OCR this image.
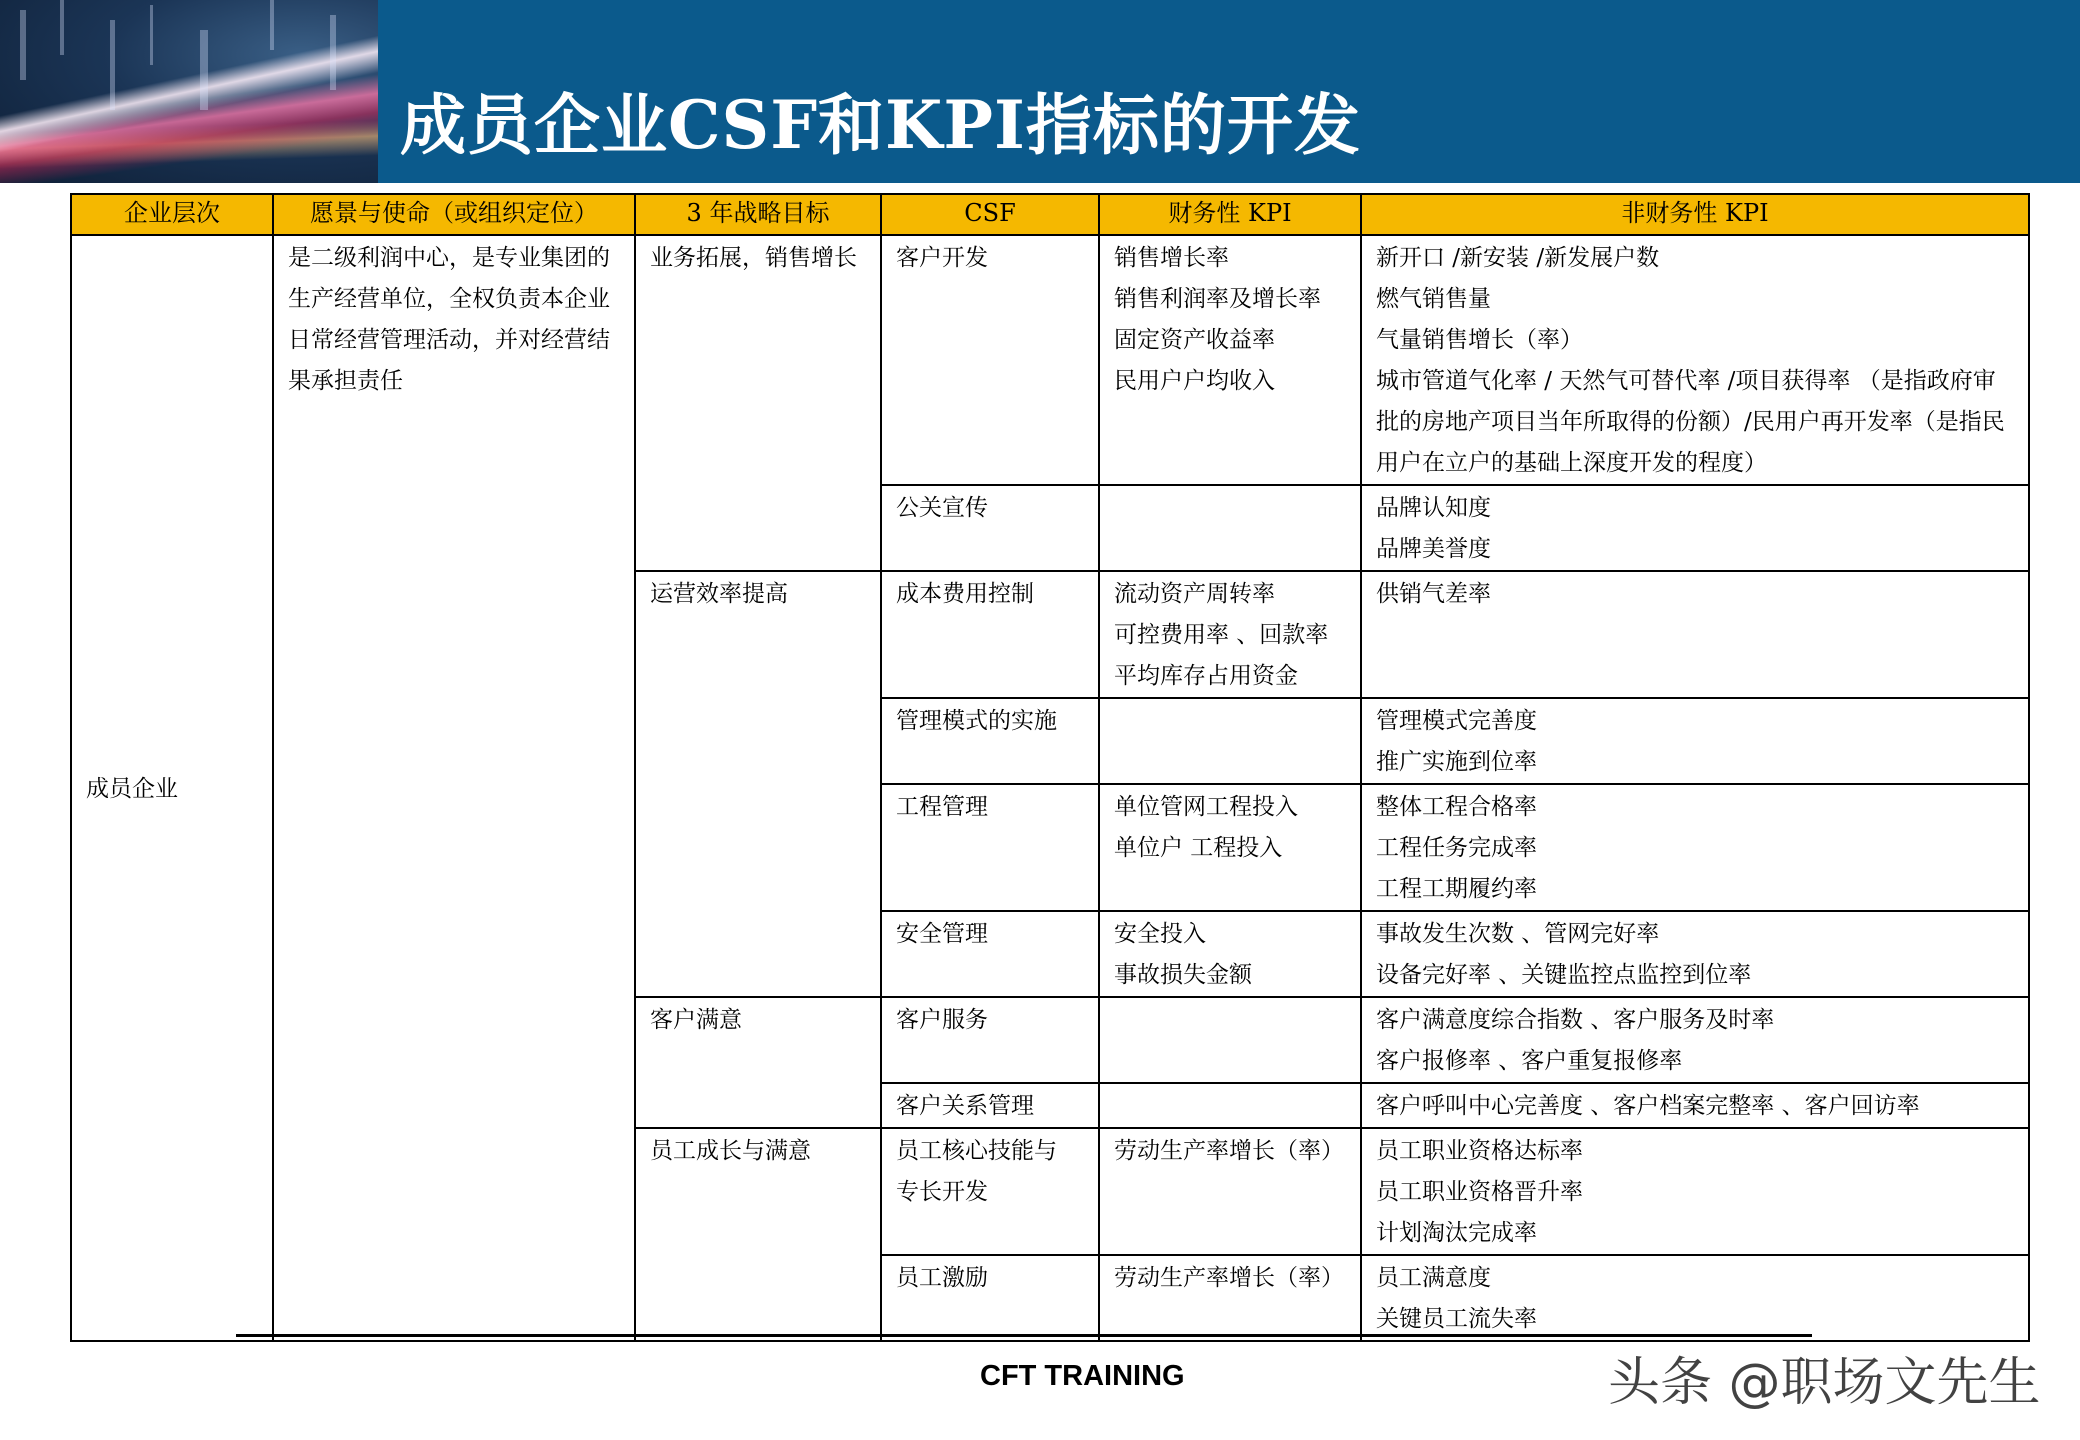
成员企业CSF和KPI指标的开发
企业层次	愿景与使命（或组织定位）	3 年战略目标	CSF	财务性 KPI	非财务性 KPI
成员企业	是二级利润中心，是专业集团的生产经营单位，全权负责本企业日常经营管理活动，并对经营结果承担责任	业务拓展，销售增长	客户开发	销售增长率
销售利润率及增长率
固定资产收益率
民用户户均收入	新开口 /新安装 /新发展户数
燃气销售量
气量销售增长（率）
城市管道气化率 / 天然气可替代率 /项目获得率 （是指政府审批的房地产项目当年所取得的份额）/民用户再开发率（是指民用户在立户的基础上深度开发的程度）

			公关宣传		品牌认知度
品牌美誉度

		运营效率提高	成本费用控制	流动资产周转率
可控费用率 、回款率
平均库存占用资金	供销气差率

			管理模式的实施		管理模式完善度
推广实施到位率

			工程管理	单位管网工程投入
单位户 工程投入	整体工程合格率
工程任务完成率
工程工期履约率

			安全管理	安全投入
事故损失金额	事故发生次数 、管网完好率
设备完好率 、关键监控点监控到位率

		客户满意	客户服务		客户满意度综合指数 、客户服务及时率
客户报修率 、客户重复报修率

			客户关系管理		客户呼叫中心完善度 、客户档案完整率 、客户回访率

		员工成长与满意	员工核心技能与
专长开发	劳动生产率增长（率）	员工职业资格达标率
员工职业资格晋升率
计划淘汰完成率

			员工激励	劳动生产率增长（率）	员工满意度
关键员工流失率
CFT TRAINING	头条 @职场文先生
